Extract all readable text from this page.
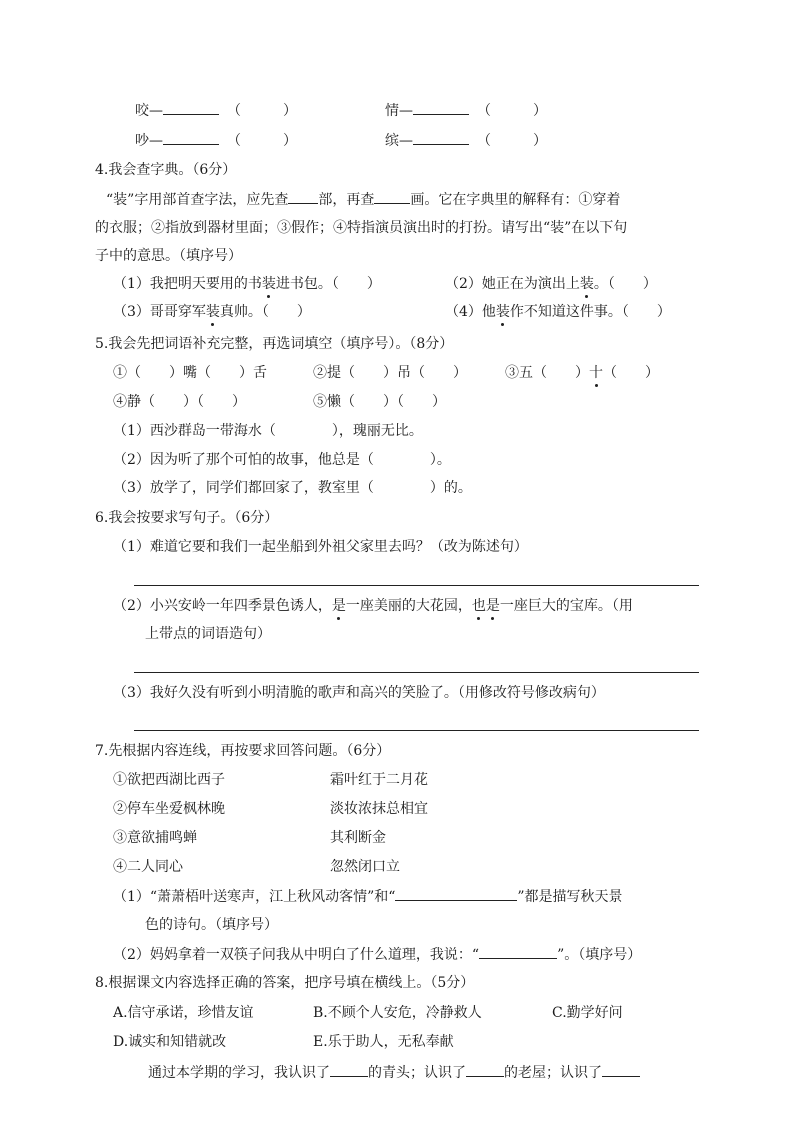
咬—	（　　　）	情—	（　　　）
吵—	（　　　）	缤—	（　　　）
4.我会查字典。（6分）
“装”字用部首查字法，应先查 部，再查	画。它在字典里的解释有：①穿着
的衣服；②指放到器材里面；③假作；④特指演员演出时的打扮。请写出“装”在以下句
子中的意思。（填序号）
（1）我把明天要用的书装进书包。（　　）	（2）她正在为演出上装。（　　）
（3）哥哥穿军装真帅。（　　）	（4）他装作不知道这件事。（　　）
5.我会先把词语补充完整，再选词填空（填序号）。（8分）
①（　　）嘴（　　）舌	②提（　　）吊（　　）	③五（　　）十（　　）
④静（　　）（　　）	⑤懒（　　）（　　）
（1）西沙群岛一带海水（　　　　），瑰丽无比。
（2）因为听了那个可怕的故事，他总是（　　　　）。
（3）放学了，同学们都回家了，教室里（　　　　）的。
6.我会按要求写句子。（6分）
（1）难道它要和我们一起坐船到外祖父家里去吗？（改为陈述句）
（2）小兴安岭一年四季景色诱人，是一座美丽的大花园，也是一座巨大的宝库。（用
上带点的词语造句）
（3）我好久没有听到小明清脆的歌声和高兴的笑脸了。（用修改符号修改病句）
7.先根据内容连线，再按要求回答问题。（6分）
①欲把西湖比西子	霜叶红于二月花
②停车坐爱枫林晚	淡妆浓抹总相宜
③意欲捕鸣蝉	其利断金
④二人同心	忽然闭口立
（1）“萧萧梧叶送寒声，江上秋风动客情”和“	”都是描写秋天景
色的诗句。（填序号）
（2）妈妈拿着一双筷子问我从中明白了什么道理，我说：“	”。（填序号）
8.根据课文内容选择正确的答案，把序号填在横线上。（5分）
A.信守承诺，珍惜友谊	B.不顾个人安危，冷静救人	C.勤学好问
D.诚实和知错就改	E.乐于助人，无私奉献
通过本学期的学习，我认识了	的青头；认识了	的老屋；认识了
